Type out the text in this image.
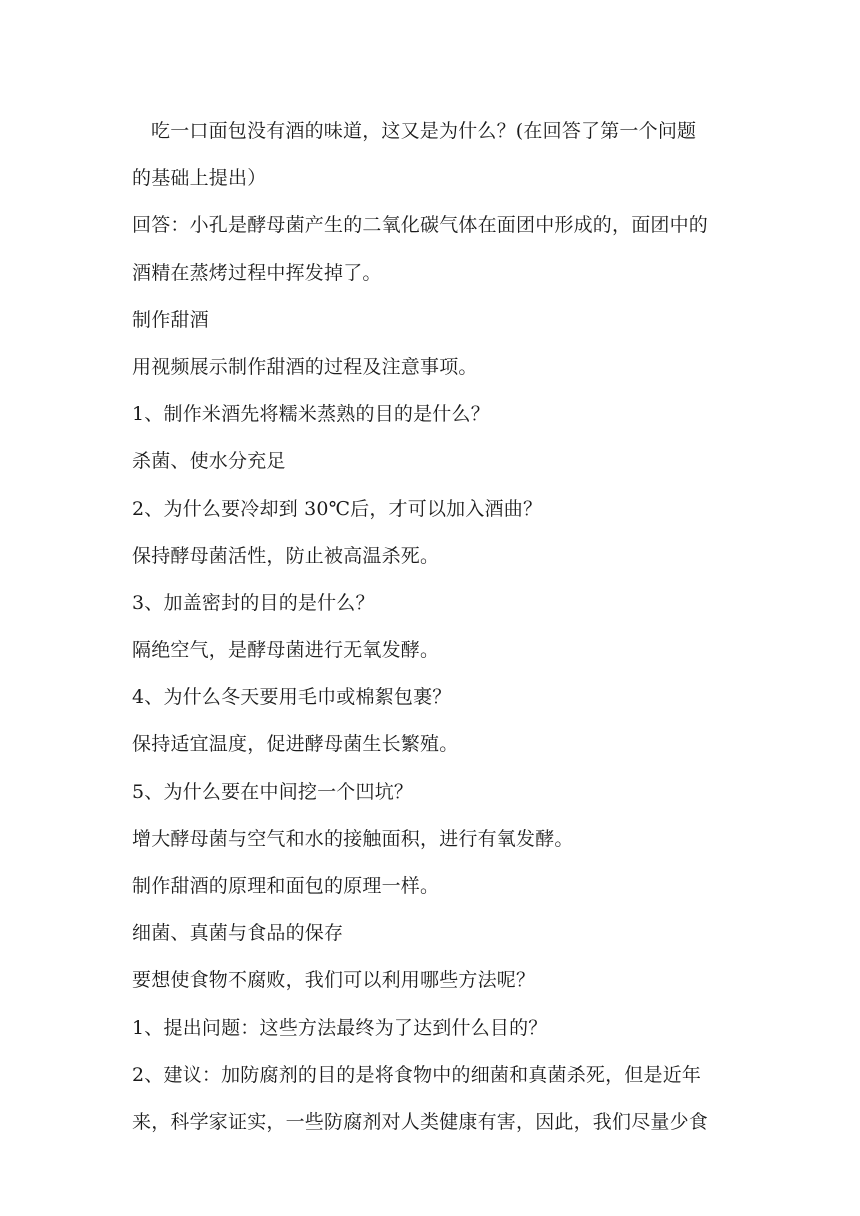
吃一口面包没有酒的味道，这又是为什么？(在回答了第一个问题
的基础上提出）
回答：小孔是酵母菌产生的二氧化碳气体在面团中形成的，面团中的
酒精在蒸烤过程中挥发掉了。
制作甜酒
用视频展示制作甜酒的过程及注意事项。
1、制作米酒先将糯米蒸熟的目的是什么？
杀菌、使水分充足
2、为什么要冷却到 30℃后，才可以加入酒曲？
保持酵母菌活性，防止被高温杀死。
3、加盖密封的目的是什么？
隔绝空气，是酵母菌进行无氧发酵。
4、为什么冬天要用毛巾或棉絮包裹？
保持适宜温度，促进酵母菌生长繁殖。
5、为什么要在中间挖一个凹坑？
增大酵母菌与空气和水的接触面积，进行有氧发酵。
制作甜酒的原理和面包的原理一样。
细菌、真菌与食品的保存
要想使食物不腐败，我们可以利用哪些方法呢？
1、提出问题：这些方法最终为了达到什么目的？
2、建议：加防腐剂的目的是将食物中的细菌和真菌杀死，但是近年
来，科学家证实，一些防腐剂对人类健康有害，因此，我们尽量少食
